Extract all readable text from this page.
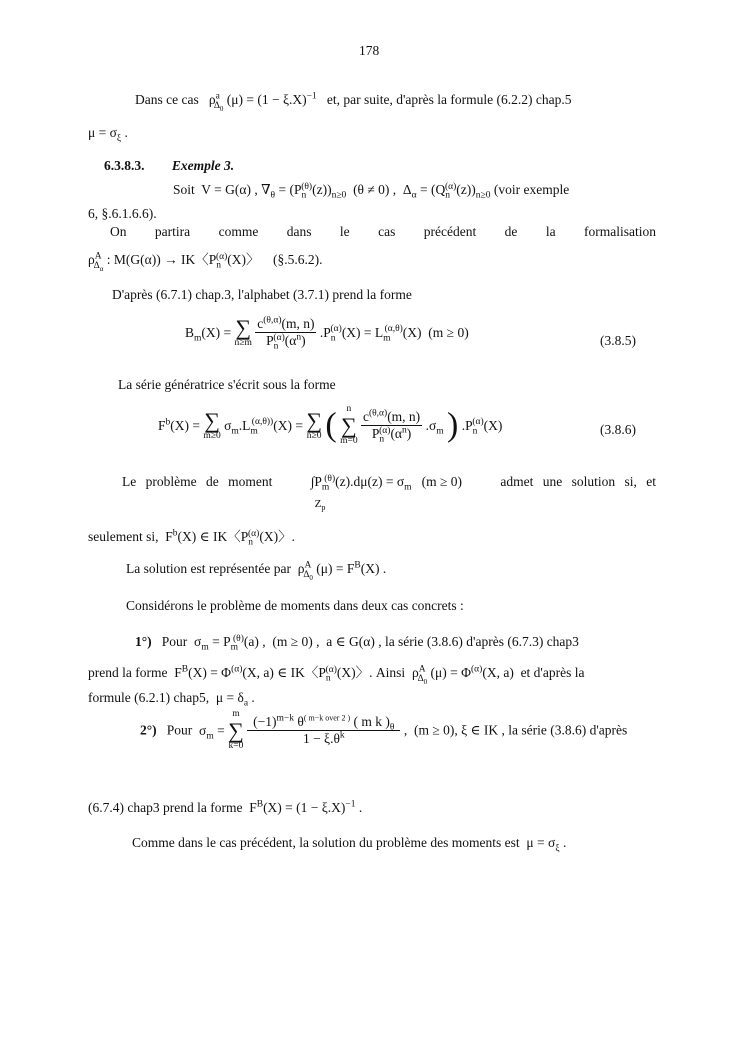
178
Dans ce cas $\rho^a_{\Delta_0}$ $(\mu) = (1 - \xi.X)^{-1}$ et, par suite, d'après la formule (6.2.2) chap.5
$\mu = \sigma_\xi$ .
6.3.8.3. Exemple 3.
Soit V = G(α) , $\nabla_\theta = (P_n^{(\theta)}(z))_{n\ge 0}$  (θ ≠ 0) ,  $\Delta_\alpha = (Q_n^{(\alpha)}(z))_{n\ge 0}$ (voir exemple
6, §.6.1.6.6).
On partira comme dans le cas précédent de la formalisation
$\rho^A_{\Delta_\alpha}$ : M(G(α)) → IK〈$P_n^{(\alpha)}(X)$〉 (§.5.6.2).
D'après (6.7.1) chap.3, l'alphabet (3.7.1) prend la forme
$B_m(X)$ = ∑
n≥m
$\frac{c^{(\theta,\alpha)}(m, n)}{P_n^{(\alpha)}(\alpha^n)} .P_n^{(\alpha)}(X) = L_m^{(\alpha,\theta)}(X) (m \ge 0)$
(3.8.5)
La série génératrice s'écrit sous la forme
$F^b(X)$ = ∑
m≥0
$\sigma_m.L_m^{(\alpha,\theta))}(X)$ = ∑
n≥0 (	n
∑
m=0
$\frac{c^{(\theta,\alpha)}(m, n)}{P_n^{(\alpha)}(\alpha^n)} .\sigma_m$ ) $.P_n^{(\alpha)}(X)$	(3.8.6)
Le problème de moment	$\int P_m^{(\theta)}(z).d\mu(z) = \sigma_m$   (m ≥ 0)
$Z_p$
admet une solution si, et
seulement si, $F^b(X)$ ∈ IK〈$P_n^{(\alpha)}(X)$〉.
La solution est représentée par $\rho^A_{\Delta_0}$ $(\mu) = F^B(X)$ .
Considérons le problème de moments dans deux cas concrets :
1°) Pour $\sigma_m = P_m^{(\theta)}(a)$ ,  (m ≥ 0) , a ∈ G(α) , la série (3.8.6) d'après (6.7.3) chap3
prend la forme $F^B(X) = \Phi^{(\alpha)}(X$, a) ∈ IK〈$P_n^{(\alpha)}(X)$〉. Ainsi $\rho^A_{\Delta_0}$ $(\mu) = \Phi^{(\alpha)}(X$, a) et d'après la
formule (6.2.1) chap5, $\mu = \delta_a$ .
2°) Pour $\sigma_m$ =
m
∑
k=0
$\frac{(-1)^{m-k} \theta^{( m-k over 2 )} ( m k )_\theta}{1 - \xi.\theta^k}$ ,  (m ≥ 0), ξ ∈ IK , la série (3.8.6) d'après
(6.7.4) chap3 prend la forme $F^B(X) = (1 - \xi.X)^{-1}$ .
Comme dans le cas précédent, la solution du problème des moments est $\mu = \sigma_\xi$ .
